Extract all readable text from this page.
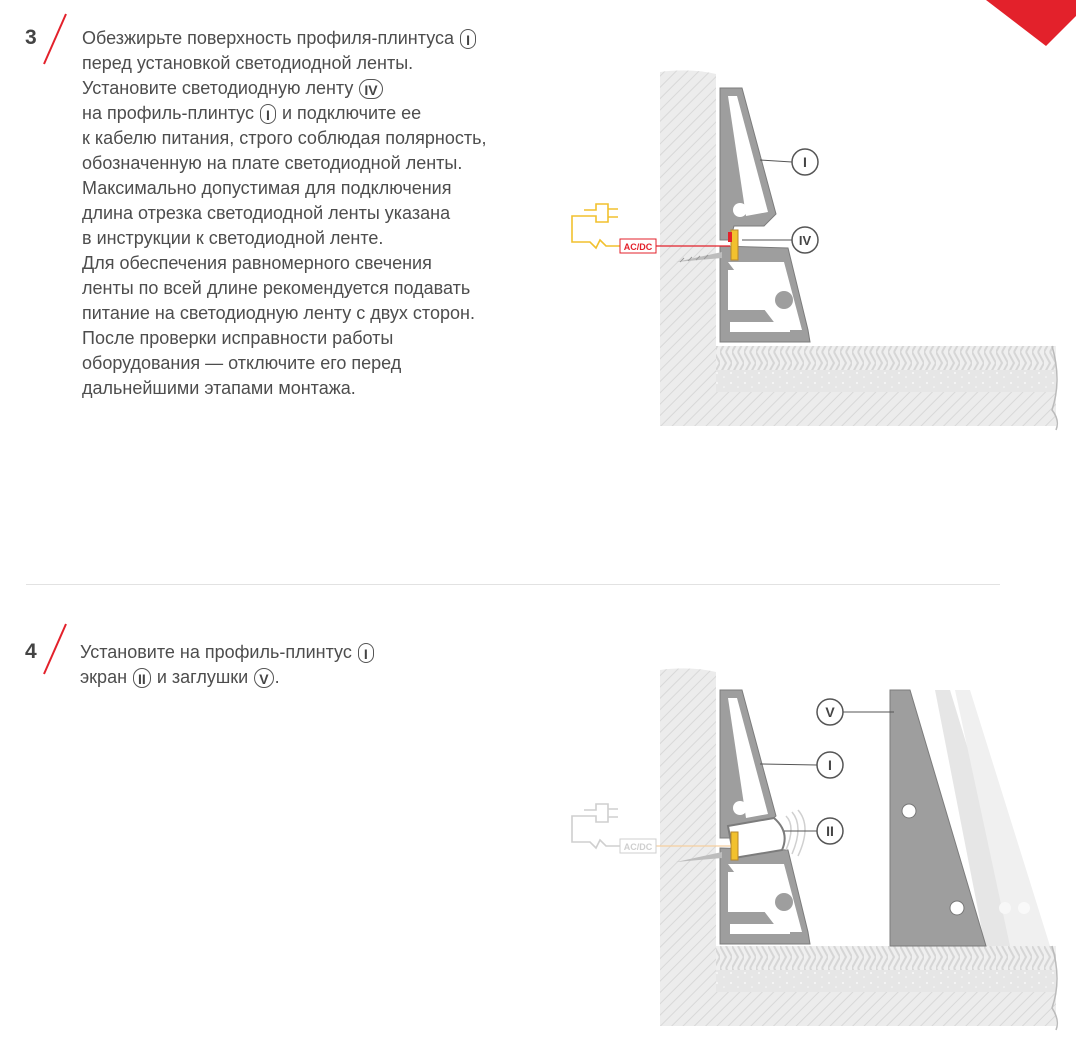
3	Обезжирьте поверхность профиля-плинтуса I
перед установкой светодиодной ленты.
Установите светодиодную ленту IV
на профиль-плинтус I и подключите ее
к кабелю питания, строго соблюдая полярность,
обозначенную на плате светодиодной ленты.
Максимально допустимая для подключения
длина отрезка светодиодной ленты указана
в инструкции к светодиодной ленте.
Для обеспечения равномерного свечения
ленты по всей длине рекомендуется подавать
питание на светодиодную ленту с двух сторон.
После проверки исправности работы
оборудования — отключите его перед
дальнейшими этапами монтажа.
AC/DC
I
IV
4 Установите на профиль-плинтус I
экран II и заглушки V .
AC/DC
V
I
II
